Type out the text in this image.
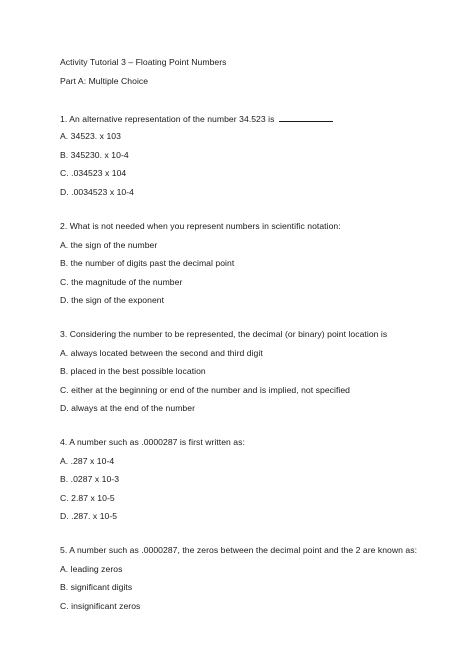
Activity Tutorial 3 – Floating Point Numbers
Part A: Multiple Choice
1. An alternative representation of the number 34.523 is
A. 34523. x 103
B. 345230. x 10-4
C. .034523 x 104
D. .0034523 x 10-4
2. What is not needed when you represent numbers in scientific notation:
A. the sign of the number
B. the number of digits past the decimal point
C. the magnitude of the number
D. the sign of the exponent
3. Considering the number to be represented, the decimal (or binary) point location is
A. always located between the second and third digit
B. placed in the best possible location
C. either at the beginning or end of the number and is implied, not specified
D. always at the end of the number
4. A number such as .0000287 is first written as:
A. .287 x 10-4
B. .0287 x 10-3
C. 2.87 x 10-5
D. .287. x 10-5
5. A number such as .0000287, the zeros between the decimal point and the 2 are known as:
A. leading zeros
B. significant digits
C. insignificant zeros
